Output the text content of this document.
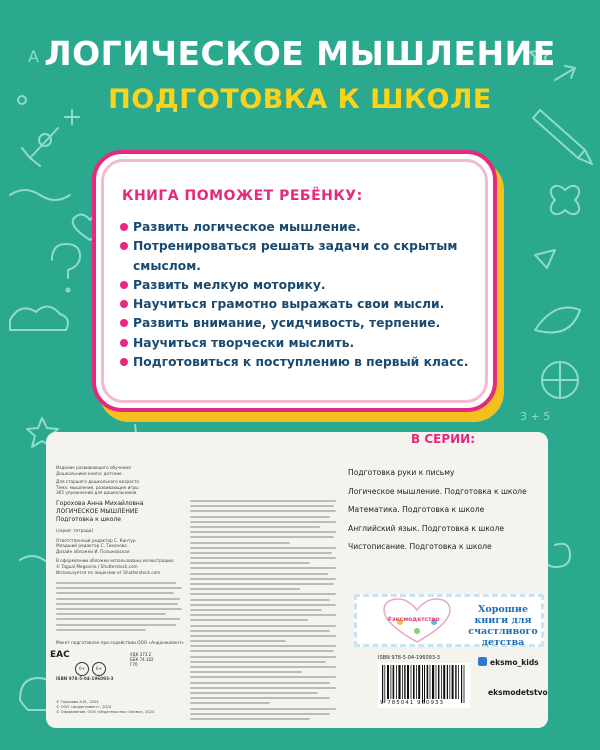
3 + 5
A ЛОГИЧЕСКОЕ МЫШЛЕНИЕ
ПОДГОТОВКА К ШКОЛЕ
КНИГА ПОМОЖЕТ РЕБЁНКУ:
Развить логическое мышление.
Потренироваться решать задачи со скрытым
смыслом.
Развить мелкую моторику.
Научиться грамотно выражать свои мысли.
Развить внимание, усидчивость, терпение.
Научиться творчески мыслить.
Подготовиться к поступлению в первый класс.
В СЕРИИ:
Подготовка руки к письму
Логическое мышление. Подготовка к школе
Математика. Подготовка к школе
Английский язык. Подготовка к школе
Чистописание. Подготовка к школе
Издание развивающего обучения
Дошкольники книги: детские
Для старшего дошкольного возраста
Тема: мышление, развивающие игры
365 упражнений для дошкольников
Горохова Анна Михайловна
ЛОГИЧЕСКОЕ МЫШЛЕНИЕ
Подготовка к школе
(серия: тетради)
Ответственный редактор С. Кантур
Младший редактор С. Тихонова
Дизайн обложки И. Полыновская
В оформлении обложки использованы иллюстрации:
© Tagual Megavina / Shutterstock.com
Используется по лицензии от Shutterstock.com
Макет подготовлен при содействии ООО «Анданжовент»
EAC
0+	6+
УДК 373.2
ББК 74.102
Г70
ISBN 978-5-04-196093-3
© Горохова А.М., 2024
© ООО «Андантовент», 2024
© Оформление. ООО «Издательство «Эксмо», 2024
#эксмодетство
Хорошие книги для счастливого детства
ISBN 978-5-04-196093-3
9 785041 960933
eksmo_kids
eksmodetstvo
